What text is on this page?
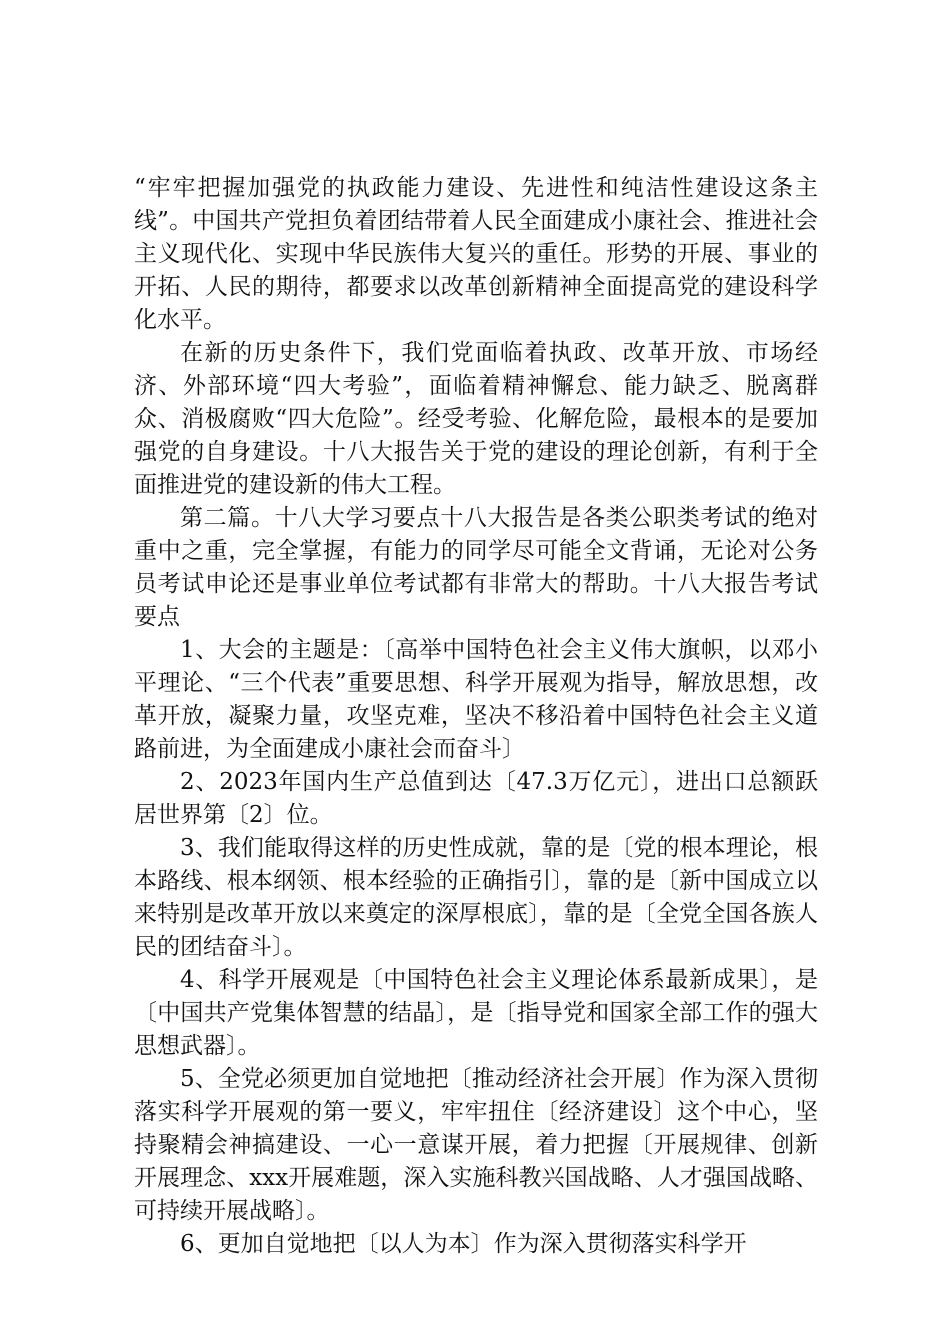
“牢牢把握加强党的执政能力建设、先进性和纯洁性建设这条主线”。中国共产党担负着团结带着人民全面建成小康社会、推进社会主义现代化、实现中华民族伟大复兴的重任。形势的开展、事业的开拓、人民的期待，都要求以改革创新精神全面提高党的建设科学化水平。

在新的历史条件下，我们党面临着执政、改革开放、市场经济、外部环境“四大考验”，面临着精神懈怠、能力缺乏、脱离群众、消极腐败“四大危险”。经受考验、化解危险，最根本的是要加强党的自身建设。十八大报告关于党的建设的理论创新，有利于全面推进党的建设新的伟大工程。

第二篇。十八大学习要点十八大报告是各类公职类考试的绝对重中之重，完全掌握，有能力的同学尽可能全文背诵，无论对公务员考试申论还是事业单位考试都有非常大的帮助。十八大报告考试要点

1、大会的主题是：〔高举中国特色社会主义伟大旗帜，以邓小平理论、“三个代表”重要思想、科学开展观为指导，解放思想，改革开放，凝聚力量，攻坚克难，坚决不移沿着中国特色社会主义道路前进，为全面建成小康社会而奋斗〕

2、2023年国内生产总值到达〔47.3万亿元〕，进出口总额跃居世界第〔2〕位。

3、我们能取得这样的历史性成就，靠的是〔党的根本理论，根本路线、根本纲领、根本经验的正确指引〕，靠的是〔新中国成立以来特别是改革开放以来奠定的深厚根底〕，靠的是〔全党全国各族人民的团结奋斗〕。

4、科学开展观是〔中国特色社会主义理论体系最新成果〕，是〔中国共产党集体智慧的结晶〕，是〔指导党和国家全部工作的强大思想武器〕。

5、全党必须更加自觉地把〔推动经济社会开展〕作为深入贯彻落实科学开展观的第一要义，牢牢扭住〔经济建设〕这个中心，坚持聚精会神搞建设、一心一意谋开展，着力把握〔开展规律、创新开展理念、xxx开展难题，深入实施科教兴国战略、人才强国战略、可持续开展战略〕。

6、更加自觉地把〔以人为本〕作为深入贯彻落实科学开
